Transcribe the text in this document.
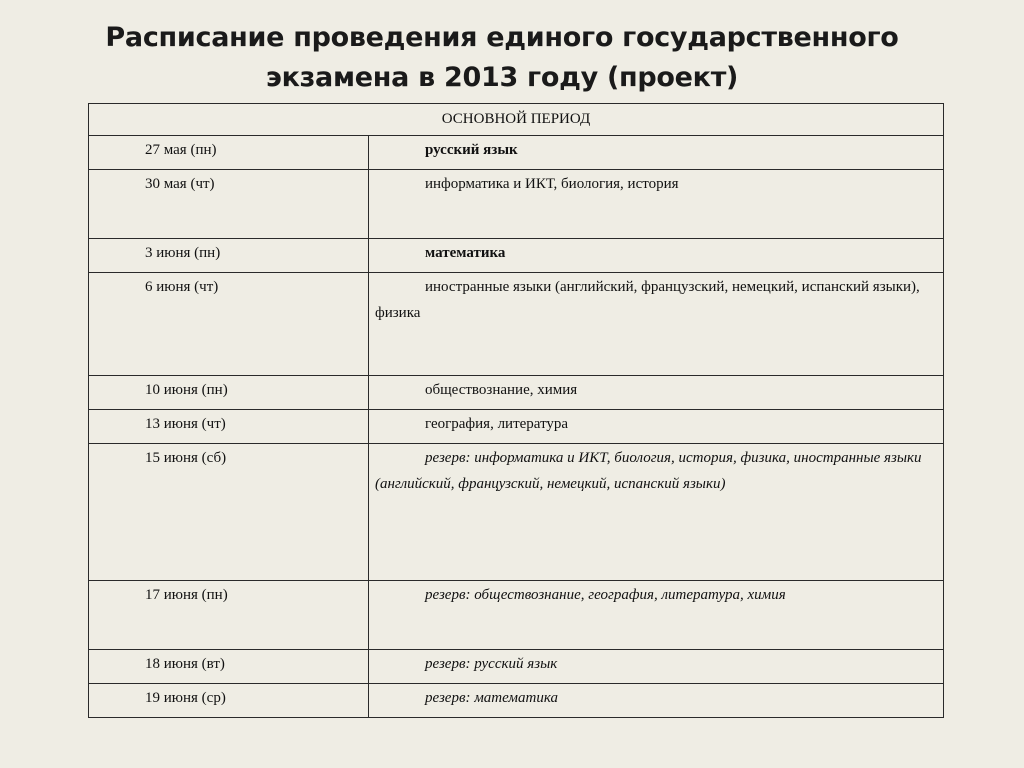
Расписание проведения единого государственного
экзамена в 2013 году (проект)
ОСНОВНОЙ ПЕРИОД	
27 мая (пн)	русский язык
30 мая (чт)	информатика и ИКТ, биология, история
3 июня (пн)	математика
6 июня (чт)	иностранные языки (английский, французский, немецкий, испанский языки), физика
10 июня (пн)	обществознание, химия
13 июня (чт)	география, литература
15 июня (сб)	резерв: информатика и ИКТ, биология, история, физика, иностранные языки (английский, французский, немецкий, испанский языки)
17 июня (пн)	резерв: обществознание, география, литература, химия
18 июня (вт)	резерв: русский язык
19 июня (ср)	резерв: математика
